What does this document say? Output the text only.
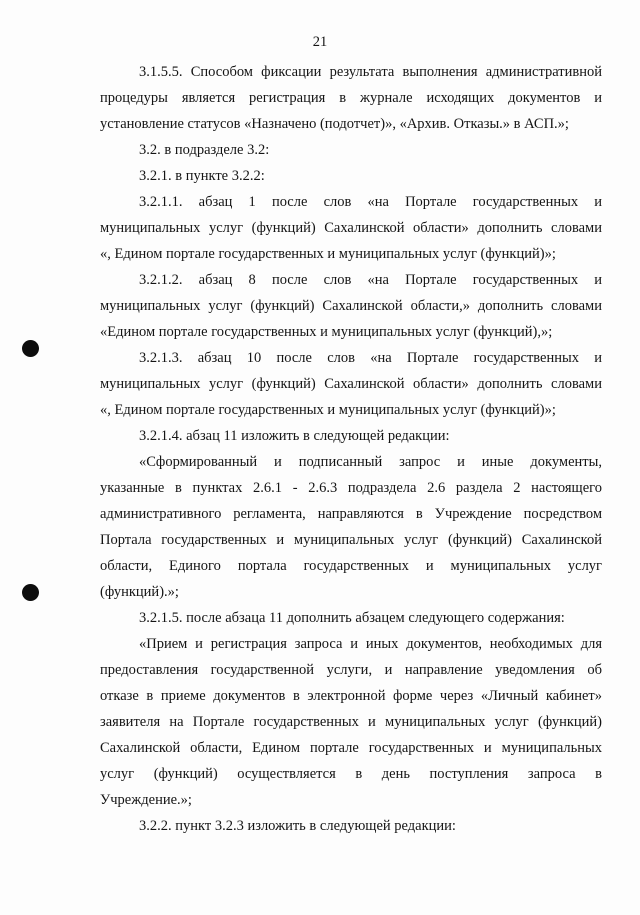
21

3.1.5.5. Способом фиксации результата выполнения административной

процедуры является регистрация в журнале исходящих документов и

установление статусов «Назначено (подотчет)», «Архив. Отказы.» в АСП.»;

3.2. в подразделе 3.2:

3.2.1. в пункте 3.2.2:

3.2.1.1. абзац 1 после слов «на Портале государственных и

муниципальных услуг (функций) Сахалинской области» дополнить словами

«, Едином портале государственных и муниципальных услуг (функций)»;

3.2.1.2. абзац 8 после слов «на Портале государственных и

муниципальных услуг (функций) Сахалинской области,» дополнить словами

«Едином портале государственных и муниципальных услуг (функций),»;

3.2.1.3. абзац 10 после слов «на Портале государственных и

муниципальных услуг (функций) Сахалинской области» дополнить словами

«, Едином портале государственных и муниципальных услуг (функций)»;

3.2.1.4. абзац 11 изложить в следующей редакции:

«Сформированный и подписанный запрос и иные документы,

указанные в пунктах 2.6.1 - 2.6.3 подраздела 2.6 раздела 2 настоящего

административного регламента, направляются в Учреждение посредством

Портала государственных и муниципальных услуг (функций) Сахалинской

области, Единого портала государственных и муниципальных услуг

(функций).»;

3.2.1.5. после абзаца 11 дополнить абзацем следующего содержания:

«Прием и регистрация запроса и иных документов, необходимых для

предоставления государственной услуги, и направление уведомления об

отказе в приеме документов в электронной форме через «Личный кабинет»

заявителя на Портале государственных и муниципальных услуг (функций)

Сахалинской области, Едином портале государственных и муниципальных

услуг (функций) осуществляется в день поступления запроса в

Учреждение.»;

3.2.2. пункт 3.2.3 изложить в следующей редакции:
